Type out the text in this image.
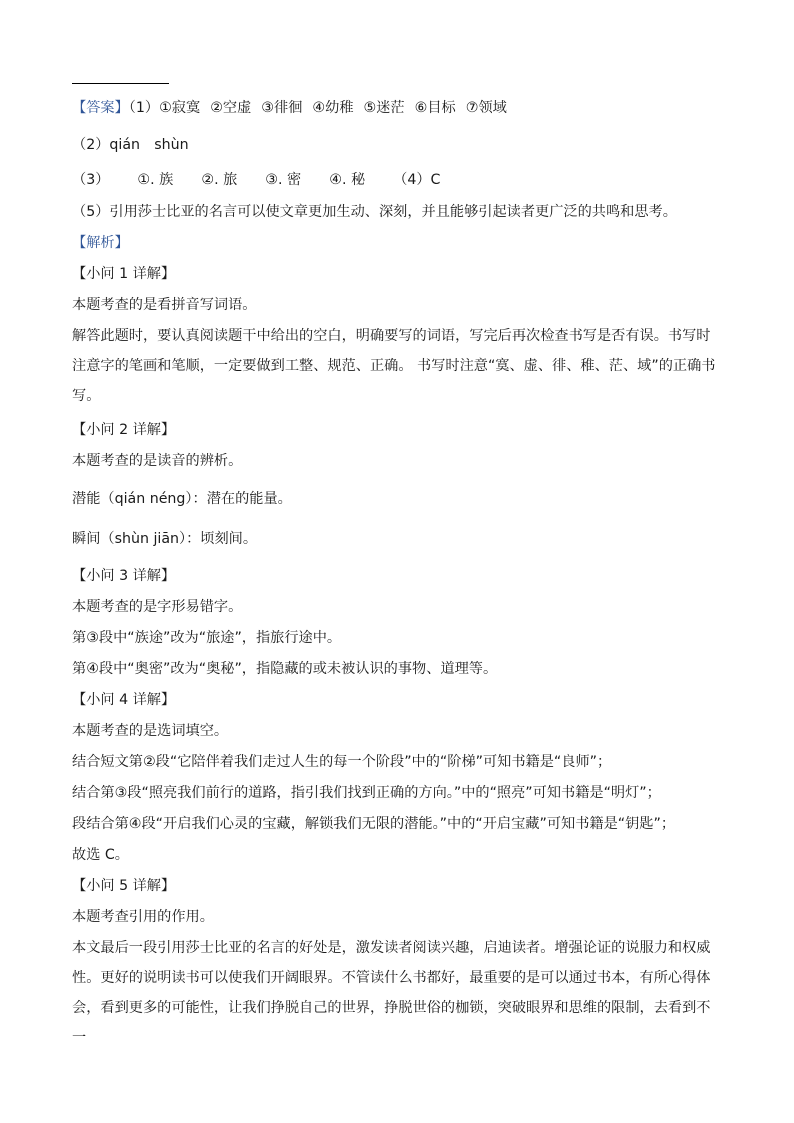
【答案】（1）①寂寞 ②空虚 ③徘徊 ④幼稚 ⑤迷茫 ⑥目标 ⑦领域
（2）qián　shùn
（3） ①. 族 ②. 旅 ③. 密 ④. 秘 （4）C
（5）引用莎士比亚的名言可以使文章更加生动、深刻，并且能够引起读者更广泛的共鸣和思考。
【解析】
【小问 1 详解】
本题考查的是看拼音写词语。
解答此题时，要认真阅读题干中给出的空白，明确要写的词语，写完后再次检查书写是否有误。书写时注意字的笔画和笔顺，一定要做到工整、规范、正确。 书写时注意“寞、虚、徘、稚、茫、域”的正确书写。
【小问 2 详解】
本题考查的是读音的辨析。
潜能（qián néng）：潜在的能量。
瞬间（shùn jiān）：顷刻间。
【小问 3 详解】
本题考查的是字形易错字。
第③段中“族途”改为“旅途”，指旅行途中。
第④段中“奥密”改为“奥秘”，指隐藏的或未被认识的事物、道理等。
【小问 4 详解】
本题考查的是选词填空。
结合短文第②段“它陪伴着我们走过人生的每一个阶段”中的“阶梯”可知书籍是“良师”；
结合第③段“照亮我们前行的道路，指引我们找到正确的方向。”中的“照亮”可知书籍是“明灯”；
段结合第④段“开启我们心灵的宝藏，解锁我们无限的潜能。”中的“开启宝藏”可知书籍是“钥匙”；
故选 C。
【小问 5 详解】
本题考查引用的作用。
本文最后一段引用莎士比亚的名言的好处是，激发读者阅读兴趣，启迪读者。增强论证的说服力和权威性。更好的说明读书可以使我们开阔眼界。不管读什么书都好，最重要的是可以通过书本，有所心得体会，看到更多的可能性，让我们挣脱自己的世界，挣脱世俗的枷锁，突破眼界和思维的限制，去看到不一
